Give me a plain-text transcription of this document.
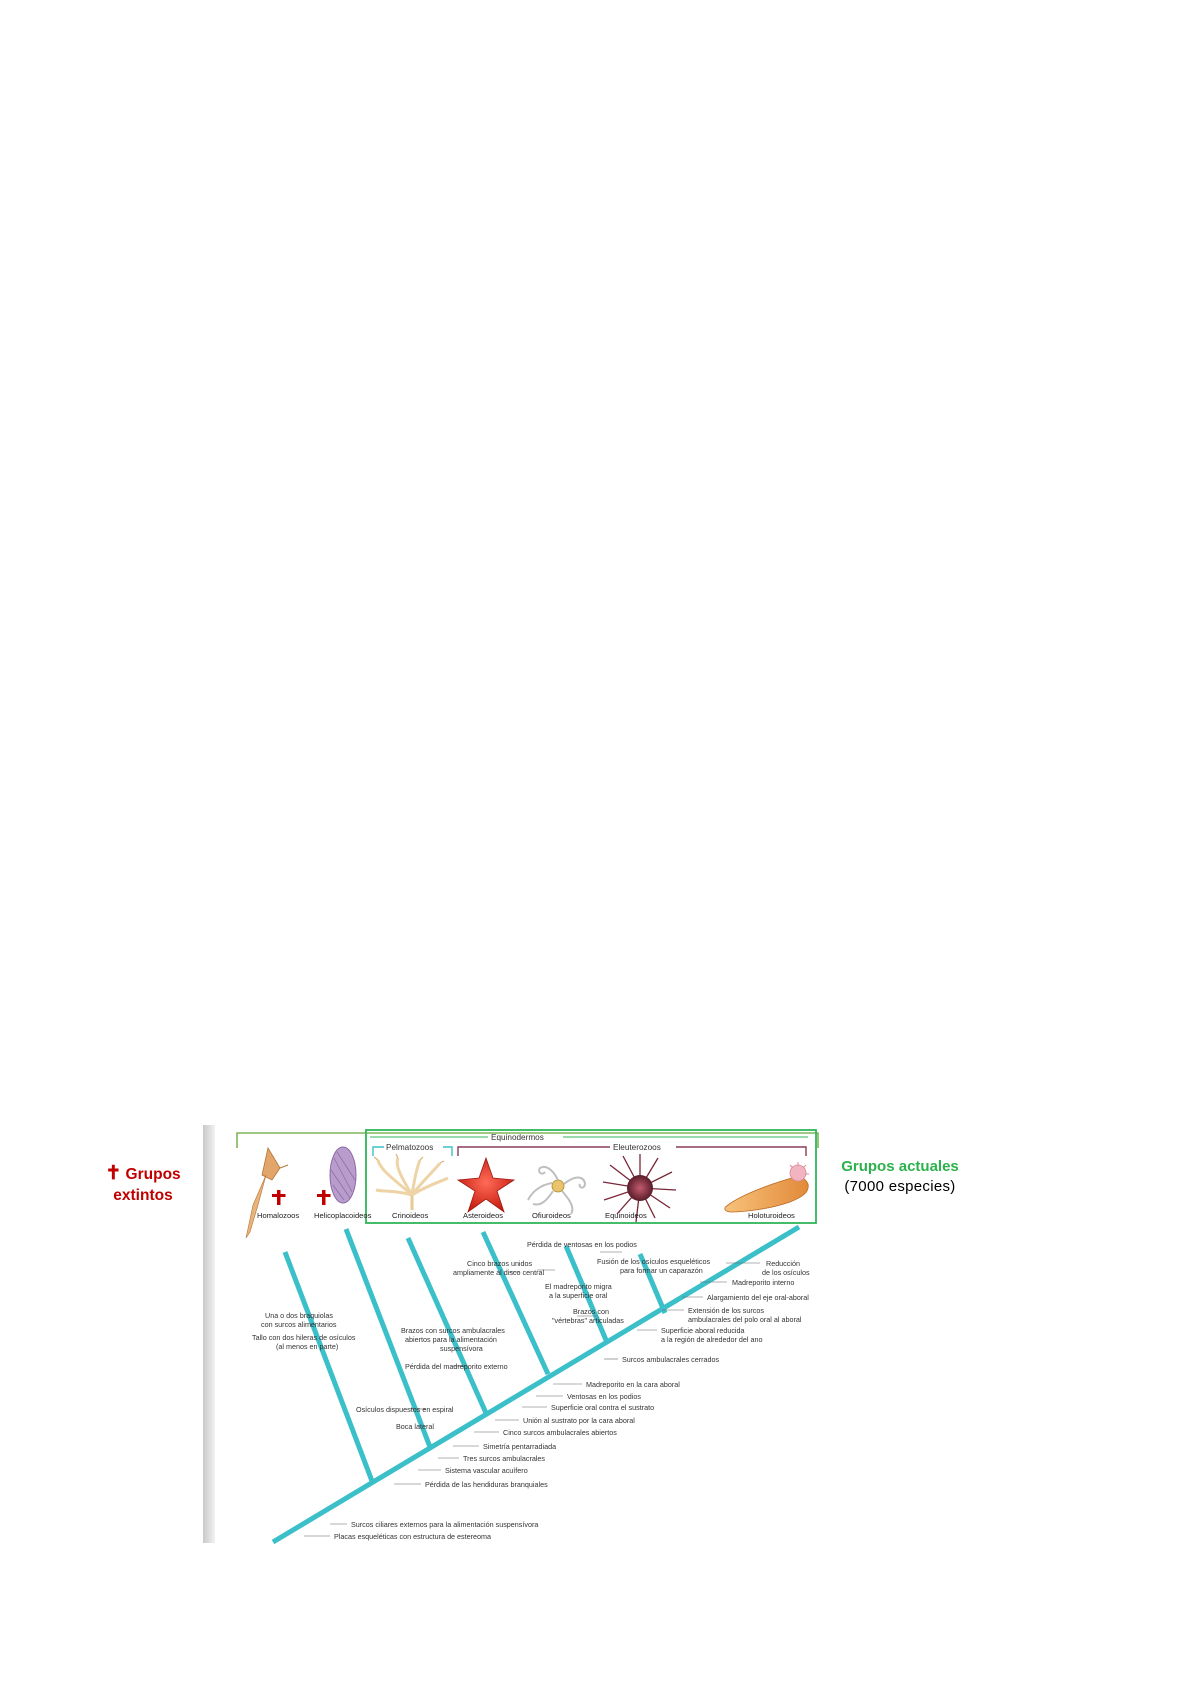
✝ Grupos
extintos
Grupos actuales
(7000 especies)
Equinodermos
Pelmatozoos	Eleuterozoos
Homalozoos Helicoplacoideos	Crinoideos	Asteroideos	Ofiuroideos	Equinoideos	Holoturoideos
Pérdida de ventosas en los podios
Cinco brazos unidos
ampliamente al disco central
Fusión de los osículos esqueléticos
para formar un caparazón
Reducción
de los osículos
El madreporito migra
a la superficie oral
Brazos con
"vértebras" articuladas
Una o dos braquiolas
con surcos alimentarios
Tallo con dos hileras de osículos
(al menos en parte)
Brazos con surcos ambulacrales
abiertos para la alimentación
suspensívora
Pérdida del madreporito externo
Osículos dispuestos en espiral
Boca lateral
Madreporito interno
Alargamiento del eje oral-aboral
Extensión de los surcos
ambulacrales del polo oral al aboral
Superficie aboral reducida
a la región de alrededor del ano
Surcos ambulacrales cerrados
Madreporito en la cara aboral
Ventosas en los podios
Superficie oral contra el sustrato
Unión al sustrato por la cara aboral
Cinco surcos ambulacrales abiertos
Simetría pentarradiada
Tres surcos ambulacrales
Sistema vascular acuífero
Pérdida de las hendiduras branquiales
Surcos ciliares externos para la alimentación suspensívora
Placas esqueléticas con estructura de estereoma
